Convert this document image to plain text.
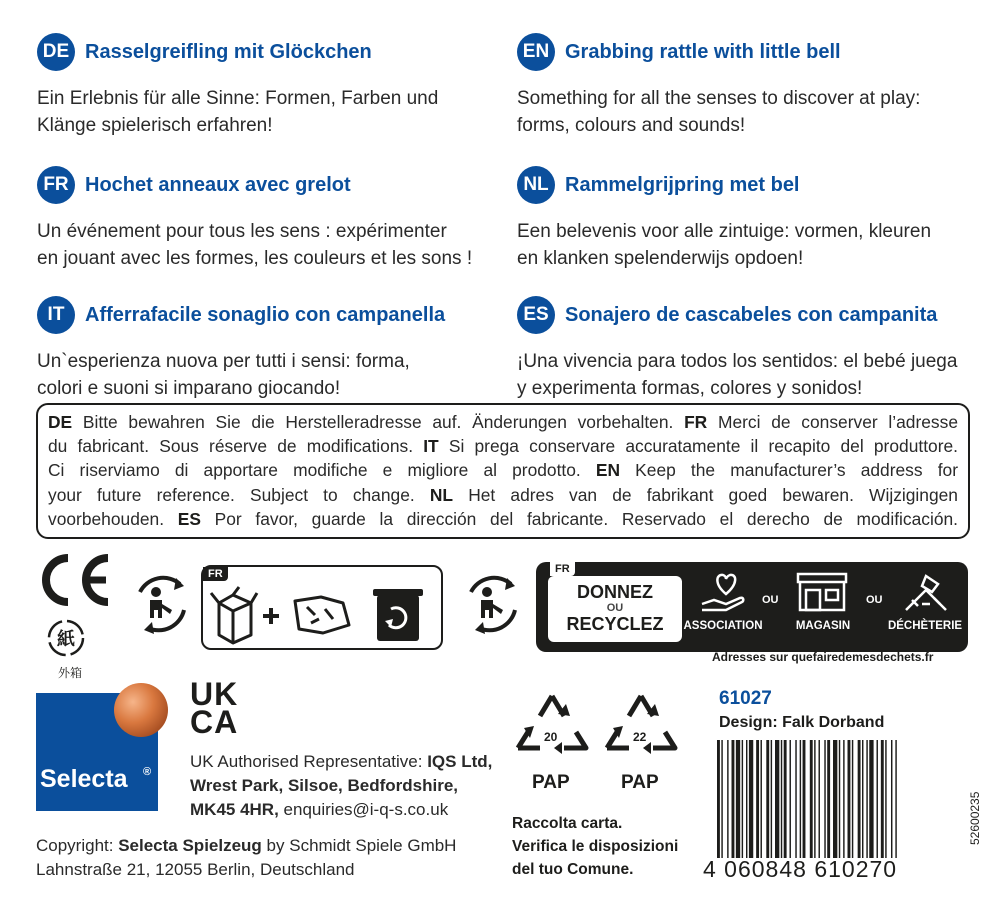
DE Rasselgreifling mit Glöckchen
Ein Erlebnis für alle Sinne: Formen, Farben und
Klänge spielerisch erfahren!
EN Grabbing rattle with little bell
Something for all the senses to discover at play:
forms, colours and sounds!
FR Hochet anneaux avec grelot
Un événement pour tous les sens : expérimenter
en jouant avec les formes, les couleurs et les sons !
NL Rammelgrijpring met bel
Een belevenis voor alle zintuige: vormen, kleuren
en klanken spelenderwijs opdoen!
IT	Afferrafacile sonaglio con campanella
Un`esperienza nuova per tutti i sensi: forma,
colori e suoni si imparano giocando!
ES Sonajero de cascabeles con campanita
¡Una vivencia para todos los sentidos: el bebé juega
y experimenta formas, colores y sonidos!
DE Bitte bewahren Sie die Herstelleradresse auf. Änderungen vorbehalten. FR Merci de conserver l’adresse
du fabricant. Sous réserve de modifications. IT Si prega conservare accuratamente il recapito del produttore.
Ci riserviamo di apportare modifiche e migliore al prodotto. EN Keep the manufacturer’s address for
your future reference. Subject to change. NL Het adres van de fabrikant goed bewaren. Wijzigingen
voorbehouden. ES Por favor, guarde la dirección del fabricante. Reservado el derecho de modificación.
紙
外箱
FR	FR
DONNEZ
OU
RECYCLEZ
OU	OU
ASSOCIATION	MAGASIN	DÉCHÈTERIE
Adresses sur quefairedemesdechets.fr
Selecta ®
UK
CA
UK Authorised Representative: IQS Ltd,
Wrest Park, Silsoe, Bedfordshire,
MK45 4HR, enquiries@i-q-s.co.uk
Copyright: Selecta Spielzeug by Schmidt Spiele GmbH
Lahnstraße 21, 12055 Berlin, Deutschland
20
PAP
22
PAP
Raccolta carta.
Verifica le disposizioni
del tuo Comune.
61027
Design: Falk Dorband
4 060848 610270
52600235
